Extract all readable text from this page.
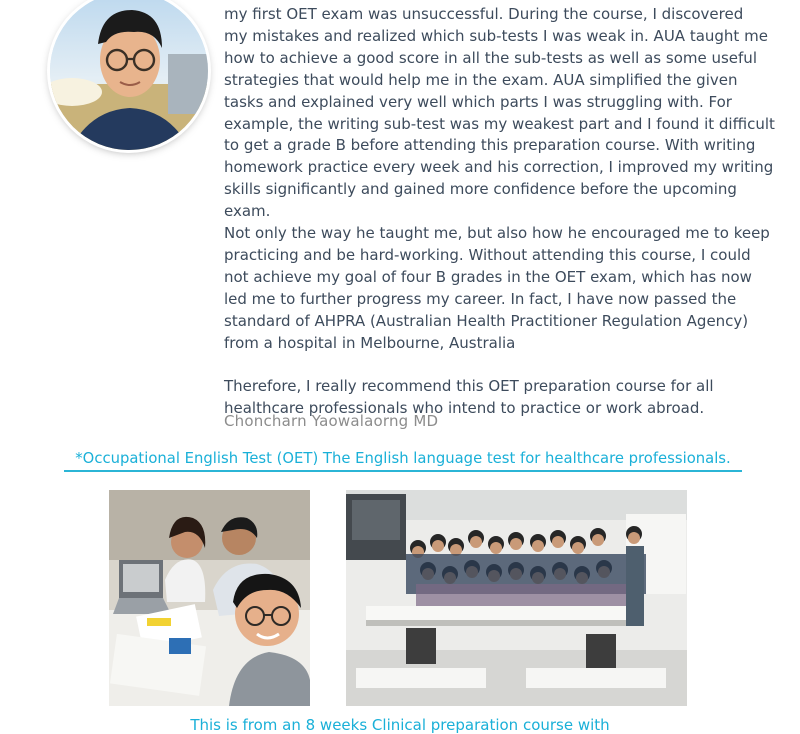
my first OET exam was unsuccessful. During the course, I discovered
my mistakes and realized which sub-tests I was weak in. AUA taught me
how to achieve a good score in all the sub-tests as well as some useful
strategies that would help me in the exam. AUA simplified the given
tasks and explained very well which parts I was struggling with. For
example, the writing sub-test was my weakest part and I found it difficult
to get a grade B before attending this preparation course. With writing
homework practice every week and his correction, I improved my writing
skills significantly and gained more confidence before the upcoming exam.
Not only the way he taught me, but also how he encouraged me to keep
practicing and be hard-working. Without attending this course, I could
not achieve my goal of four B grades in the OET exam, which has now
led me to further progress my career. In fact, I have now passed the
standard of AHPRA (Australian Health Practitioner Regulation Agency)
from a hospital in Melbourne, Australia

Therefore, I really recommend this OET preparation course for all
healthcare professionals who intend to practice or work abroad.

Choncharn Yaowalaorng MD
*Occupational English Test (OET) The English language test for healthcare professionals.
This is from an 8 weeks Clinical preparation course with
